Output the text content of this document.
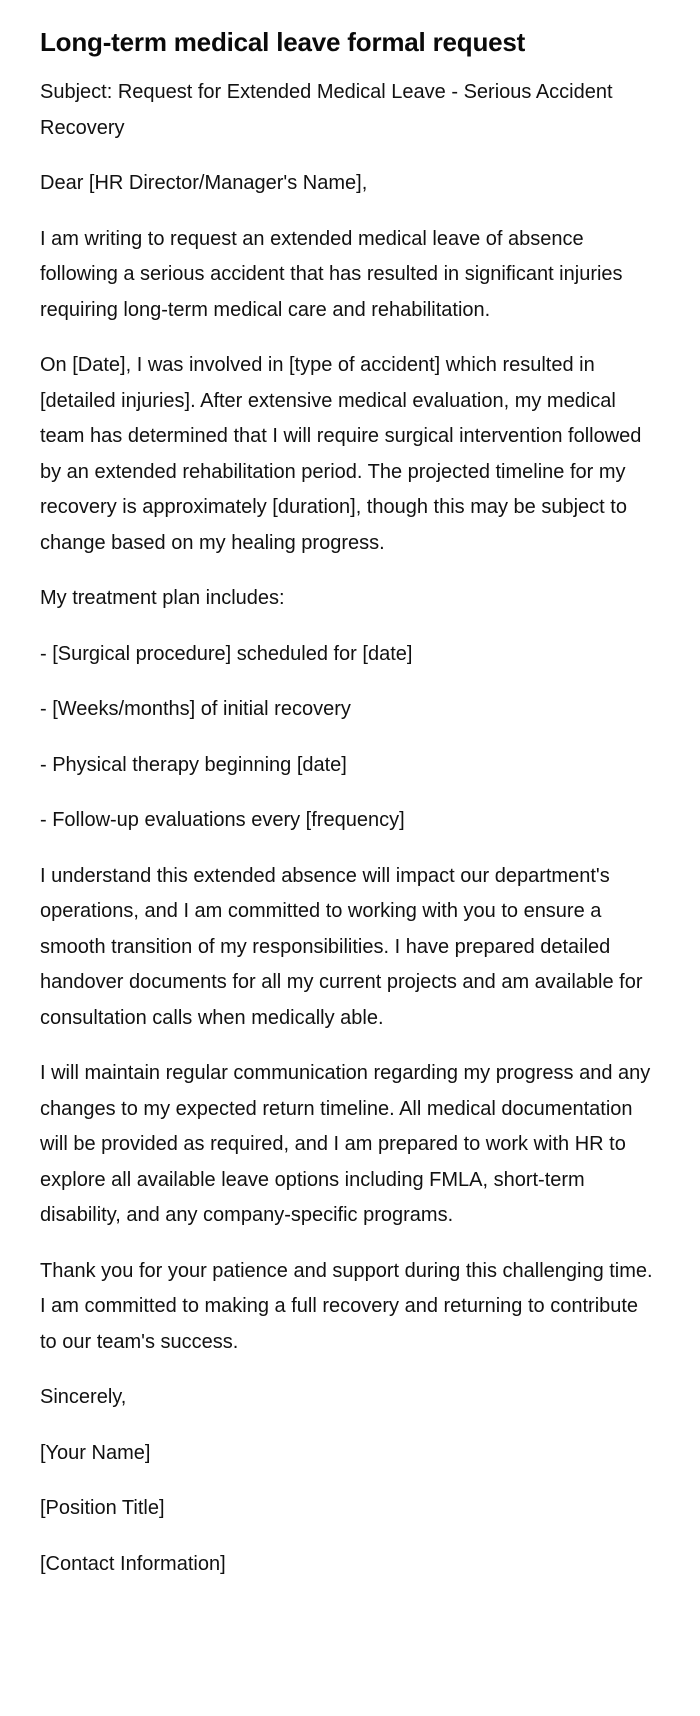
Long-term medical leave formal request

Subject: Request for Extended Medical Leave - Serious Accident Recovery

Dear [HR Director/Manager's Name],

I am writing to request an extended medical leave of absence following a serious accident that has resulted in significant injuries requiring long-term medical care and rehabilitation.

On [Date], I was involved in [type of accident] which resulted in [detailed injuries]. After extensive medical evaluation, my medical team has determined that I will require surgical intervention followed by an extended rehabilitation period. The projected timeline for my recovery is approximately [duration], though this may be subject to change based on my healing progress.

My treatment plan includes:

- [Surgical procedure] scheduled for [date]

- [Weeks/months] of initial recovery

- Physical therapy beginning [date]

- Follow-up evaluations every [frequency]

I understand this extended absence will impact our department's operations, and I am committed to working with you to ensure a smooth transition of my responsibilities. I have prepared detailed handover documents for all my current projects and am available for consultation calls when medically able.

I will maintain regular communication regarding my progress and any changes to my expected return timeline. All medical documentation will be provided as required, and I am prepared to work with HR to explore all available leave options including FMLA, short-term disability, and any company-specific programs.

Thank you for your patience and support during this challenging time. I am committed to making a full recovery and returning to contribute to our team's success.

Sincerely,

[Your Name]

[Position Title]

[Contact Information]
